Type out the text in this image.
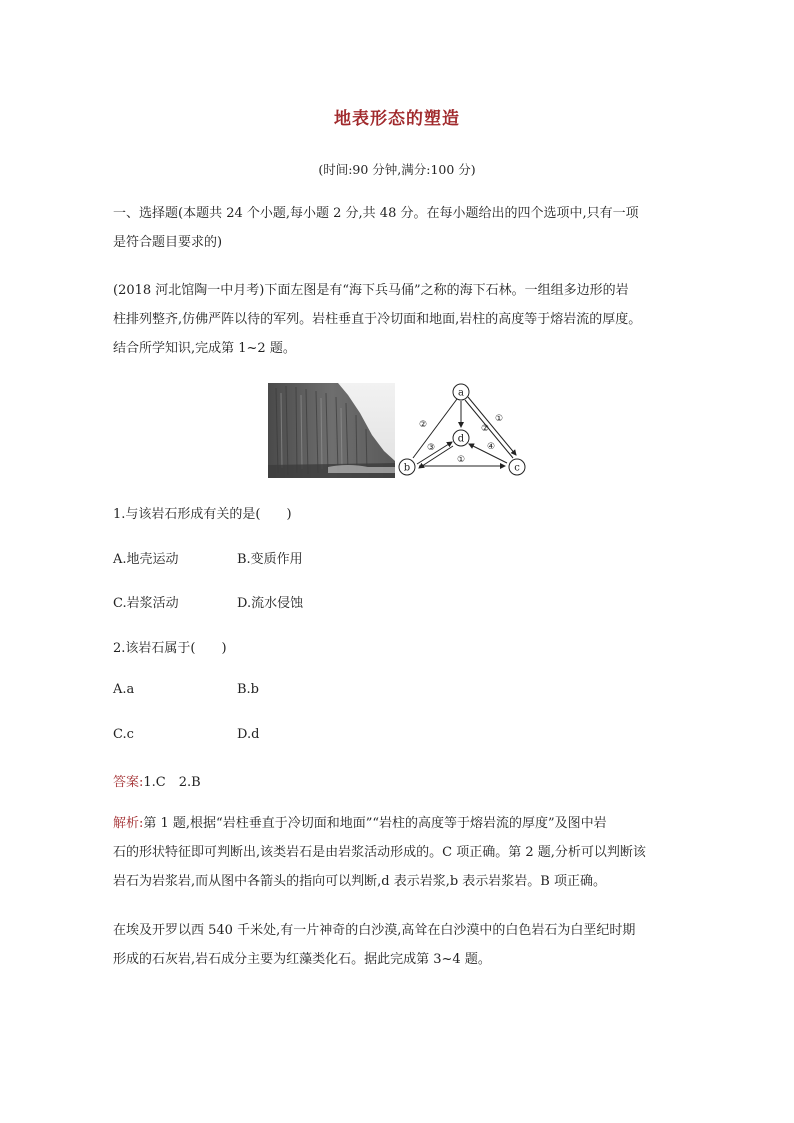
地表形态的塑造
(时间:90 分钟,满分:100 分)
一、选择题(本题共 24 个小题,每小题 2 分,共 48 分。在每小题给出的四个选项中,只有一项
是符合题目要求的)
(2018 河北馆陶一中月考)下面左图是有“海下兵马俑”之称的海下石林。一组组多边形的岩
柱排列整齐,仿佛严阵以待的军列。岩柱垂直于冷切面和地面,岩柱的高度等于熔岩流的厚度。
结合所学知识,完成第 1~2 题。
a
b	c
d
①
②
③
②
④
①
1.与该岩石形成有关的是(　　)
A.地壳运动	B.变质作用
C.岩浆活动	D.流水侵蚀
2.该岩石属于(　　)
A.a	B.b
C.c	D.d
答案:1.C　2.B
解析:第 1 题,根据“岩柱垂直于冷切面和地面”“岩柱的高度等于熔岩流的厚度”及图中岩
石的形状特征即可判断出,该类岩石是由岩浆活动形成的。C 项正确。第 2 题,分析可以判断该
岩石为岩浆岩,而从图中各箭头的指向可以判断,d 表示岩浆,b 表示岩浆岩。B 项正确。
在埃及开罗以西 540 千米处,有一片神奇的白沙漠,高耸在白沙漠中的白色岩石为白垩纪时期
形成的石灰岩,岩石成分主要为红藻类化石。据此完成第 3~4 题。
